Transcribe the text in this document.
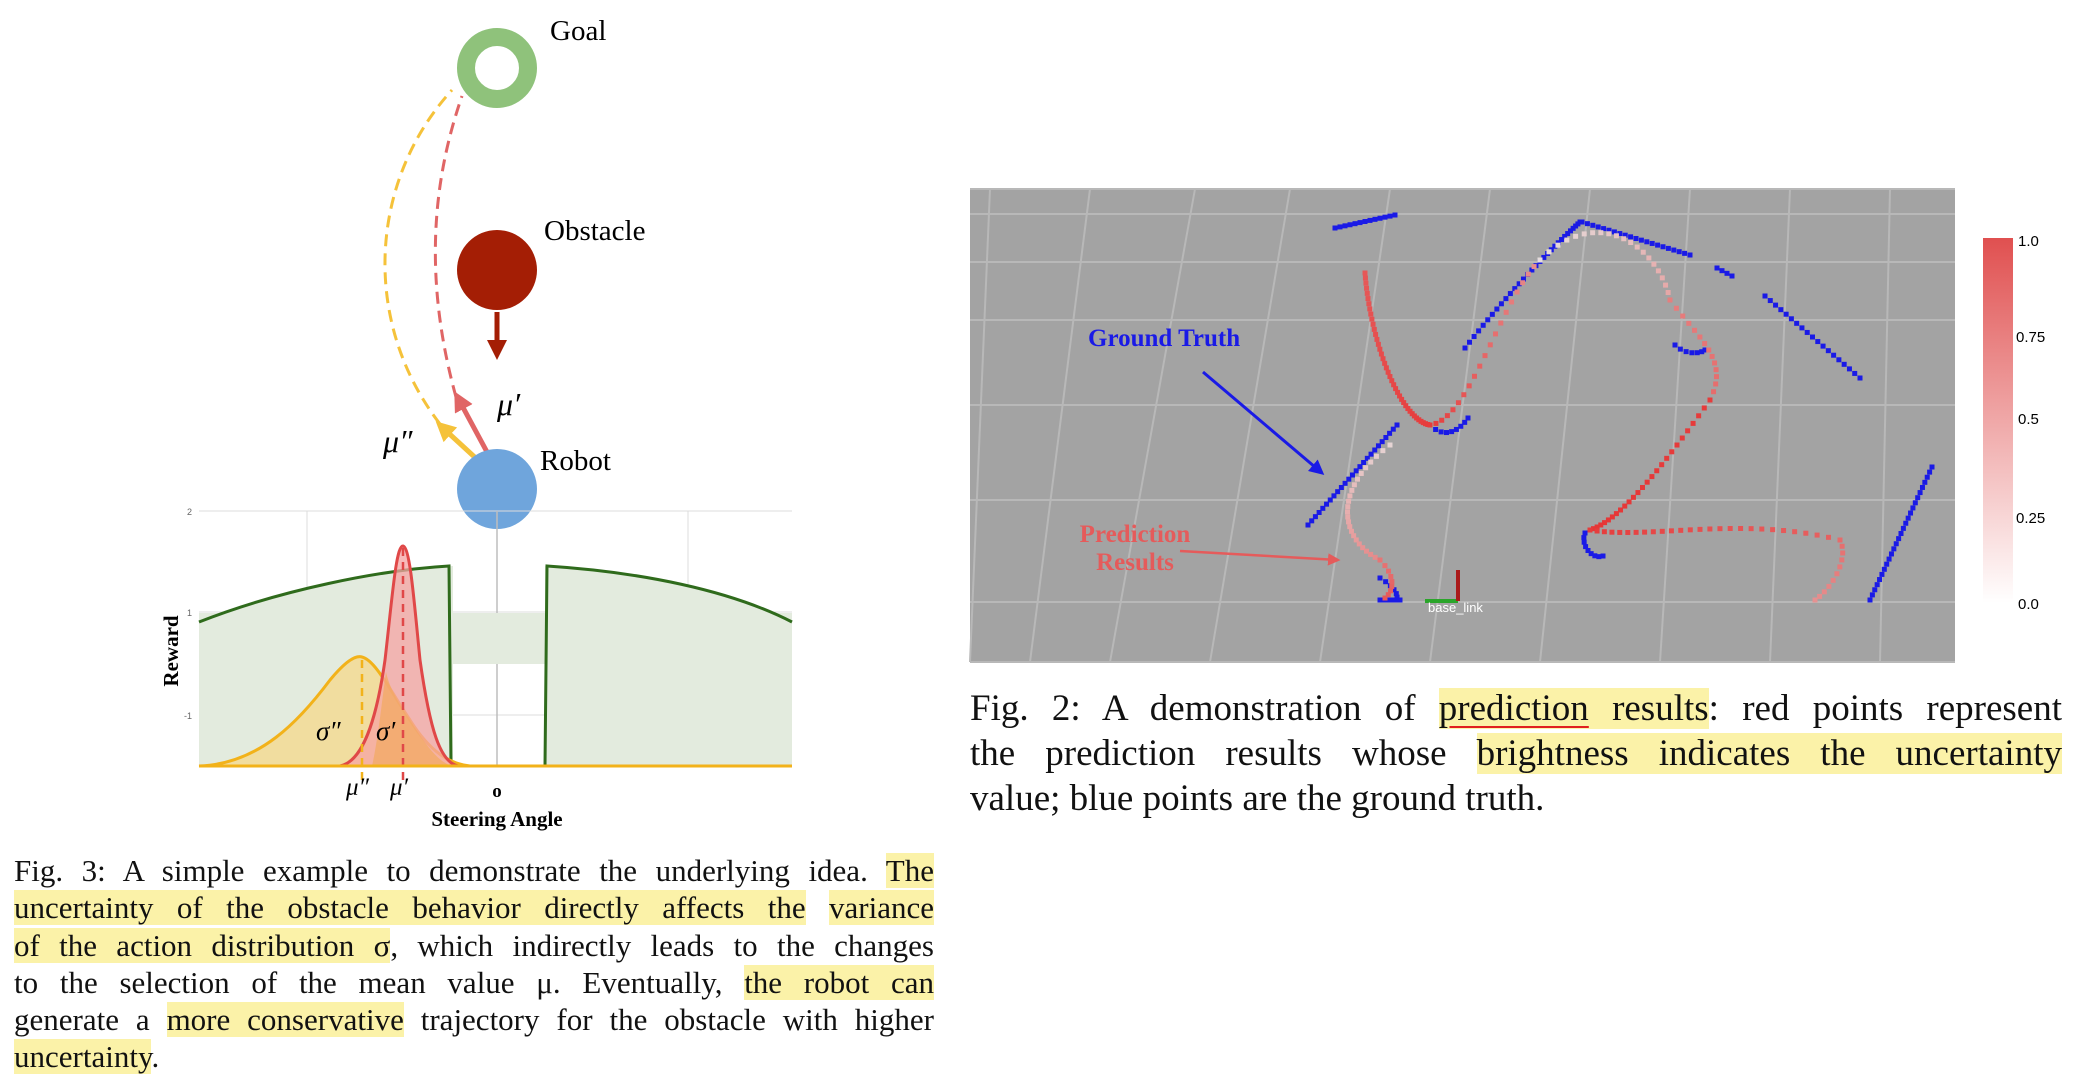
Goal
Obstacle
μ′
μ″
Robot
2
1
-1	σ″ σ′
μ″ μ′	o
Steering Angle
Reward
Fig. 3: A simple example to demonstrate the underlying idea. The
uncertainty of the obstacle behavior directly affects the variance
of the action distribution σ, which indirectly leads to the changes
to the selection of the mean value μ. Eventually, the robot can
generate a more conservative trajectory for the obstacle with higher
uncertainty.
base_link
Ground Truth
Prediction
Results
1.0
0.75
0.5
0.25
0.0
Fig. 2: A demonstration of prediction results: red points represent
the prediction results whose brightness indicates the uncertainty
value; blue points are the ground truth.
